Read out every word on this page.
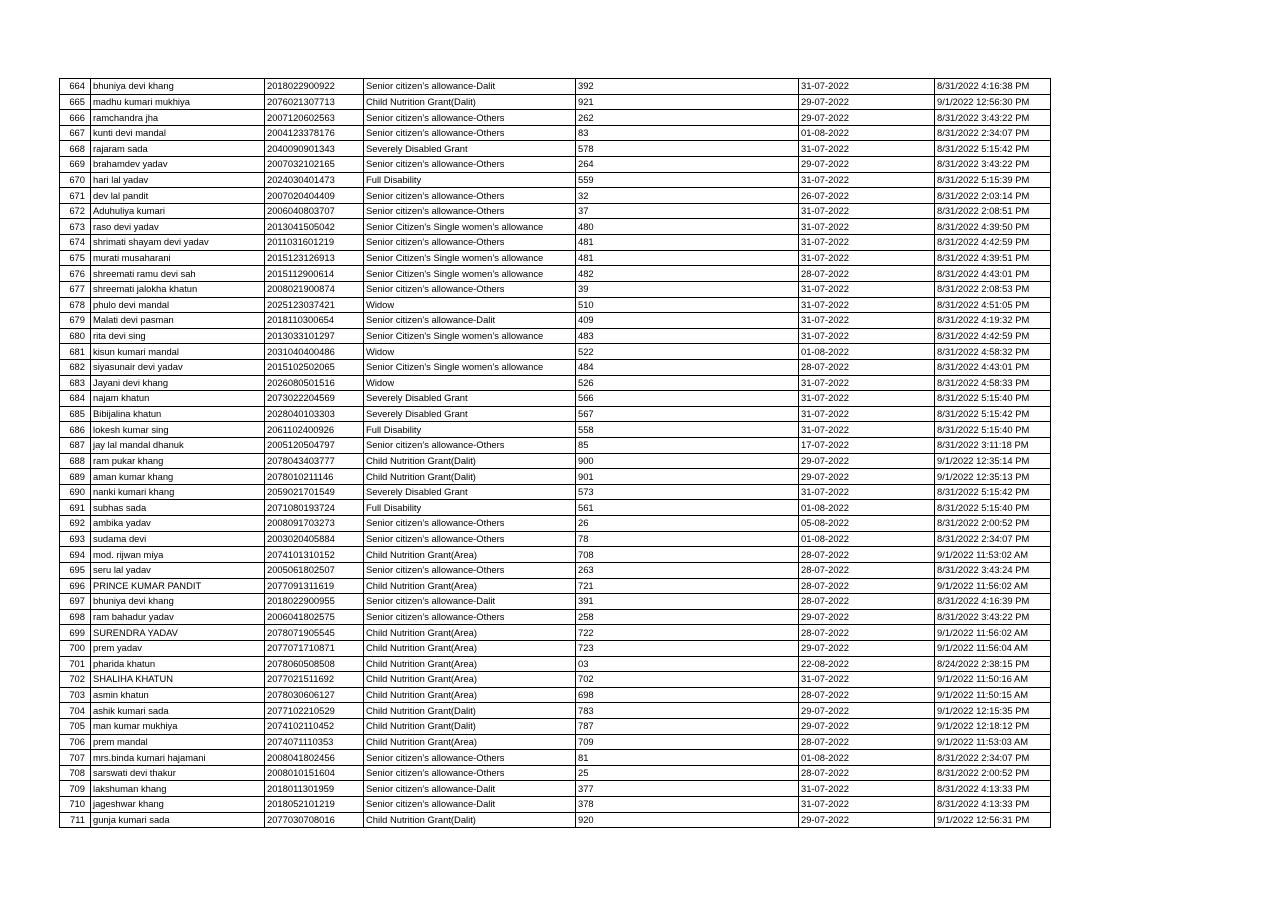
664	bhuniya devi khang	2018022900922	Senior citizen’s allowance-Dalit	392	31-07-2022	8/31/2022 4:16:38 PM
665	madhu kumari mukhiya	2076021307713	Child Nutrition Grant(Dalit)	921	29-07-2022	9/1/2022 12:56:30 PM
666	ramchandra jha	2007120602563	Senior citizen’s allowance-Others	262	29-07-2022	8/31/2022 3:43:22 PM
667	kunti devi mandal	2004123378176	Senior citizen’s allowance-Others	83	01-08-2022	8/31/2022 2:34:07 PM
668	rajaram sada	2040090901343	Severely Disabled Grant	578	31-07-2022	8/31/2022 5:15:42 PM
669	brahamdev yadav	2007032102165	Senior citizen’s allowance-Others	264	29-07-2022	8/31/2022 3:43:22 PM
670	hari lal yadav	2024030401473	Full Disability	559	31-07-2022	8/31/2022 5:15:39 PM
671	dev lal pandit	2007020404409	Senior citizen’s allowance-Others	32	26-07-2022	8/31/2022 2:03:14 PM
672	Aduhuliya kumari	2006040803707	Senior citizen’s allowance-Others	37	31-07-2022	8/31/2022 2:08:51 PM
673	raso devi yadav	2013041505042	Senior Citizen's Single women’s allowance	480	31-07-2022	8/31/2022 4:39:50 PM
674	shrimati shayam devi yadav	2011031601219	Senior citizen’s allowance-Others	481	31-07-2022	8/31/2022 4:42:59 PM
675	murati musaharani	2015123126913	Senior Citizen's Single women’s allowance	481	31-07-2022	8/31/2022 4:39:51 PM
676	shreemati ramu devi sah	2015112900614	Senior Citizen's Single women’s allowance	482	28-07-2022	8/31/2022 4:43:01 PM
677	shreemati jalokha khatun	2008021900874	Senior citizen’s allowance-Others	39	31-07-2022	8/31/2022 2:08:53 PM
678	phulo devi mandal	2025123037421	Widow	510	31-07-2022	8/31/2022 4:51:05 PM
679	Malati devi pasman	2018110300654	Senior citizen’s allowance-Dalit	409	31-07-2022	8/31/2022 4:19:32 PM
680	rita devi sing	2013033101297	Senior Citizen's Single women’s allowance	483	31-07-2022	8/31/2022 4:42:59 PM
681	kisun kumari mandal	2031040400486	Widow	522	01-08-2022	8/31/2022 4:58:32 PM
682	siyasunair devi yadav	2015102502065	Senior Citizen's Single women’s allowance	484	28-07-2022	8/31/2022 4:43:01 PM
683	Jayani devi khang	2026080501516	Widow	526	31-07-2022	8/31/2022 4:58:33 PM
684	najam khatun	2073022204569	Severely Disabled Grant	566	31-07-2022	8/31/2022 5:15:40 PM
685	Bibijalina khatun	2028040103303	Severely Disabled Grant	567	31-07-2022	8/31/2022 5:15:42 PM
686	lokesh kumar sing	2061102400926	Full Disability	558	31-07-2022	8/31/2022 5:15:40 PM
687	jay lal mandal dhanuk	2005120504797	Senior citizen’s allowance-Others	85	17-07-2022	8/31/2022 3:11:18 PM
688	ram pukar khang	2078043403777	Child Nutrition Grant(Dalit)	900	29-07-2022	9/1/2022 12:35:14 PM
689	aman kumar khang	2078010211146	Child Nutrition Grant(Dalit)	901	29-07-2022	9/1/2022 12:35:13 PM
690	nanki kumari khang	2059021701549	Severely Disabled Grant	573	31-07-2022	8/31/2022 5:15:42 PM
691	subhas sada	2071080193724	Full Disability	561	01-08-2022	8/31/2022 5:15:40 PM
692	ambika yadav	2008091703273	Senior citizen’s allowance-Others	26	05-08-2022	8/31/2022 2:00:52 PM
693	sudama devi	2003020405884	Senior citizen’s allowance-Others	78	01-08-2022	8/31/2022 2:34:07 PM
694	mod. rijwan miya	2074101310152	Child Nutrition Grant(Area)	708	28-07-2022	9/1/2022 11:53:02 AM
695	seru lal yadav	2005061802507	Senior citizen’s allowance-Others	263	28-07-2022	8/31/2022 3:43:24 PM
696	PRINCE KUMAR PANDIT	2077091311619	Child Nutrition Grant(Area)	721	28-07-2022	9/1/2022 11:56:02 AM
697	bhuniya devi khang	2018022900955	Senior citizen’s allowance-Dalit	391	28-07-2022	8/31/2022 4:16:39 PM
698	ram bahadur yadav	2006041802575	Senior citizen’s allowance-Others	258	29-07-2022	8/31/2022 3:43:22 PM
699	SURENDRA YADAV	2078071905545	Child Nutrition Grant(Area)	722	28-07-2022	9/1/2022 11:56:02 AM
700	prem yadav	2077071710871	Child Nutrition Grant(Area)	723	29-07-2022	9/1/2022 11:56:04 AM
701	pharida khatun	2078060508508	Child Nutrition Grant(Area)	03	22-08-2022	8/24/2022 2:38:15 PM
702	SHALIHA KHATUN	2077021511692	Child Nutrition Grant(Area)	702	31-07-2022	9/1/2022 11:50:16 AM
703	asmin khatun	2078030606127	Child Nutrition Grant(Area)	698	28-07-2022	9/1/2022 11:50:15 AM
704	ashik kumari sada	2077102210529	Child Nutrition Grant(Dalit)	783	29-07-2022	9/1/2022 12:15:35 PM
705	man kumar mukhiya	2074102110452	Child Nutrition Grant(Dalit)	787	29-07-2022	9/1/2022 12:18:12 PM
706	prem mandal	2074071110353	Child Nutrition Grant(Area)	709	28-07-2022	9/1/2022 11:53:03 AM
707	mrs.binda kumari hajamani	2008041802456	Senior citizen’s allowance-Others	81	01-08-2022	8/31/2022 2:34:07 PM
708	sarswati devi thakur	2008010151604	Senior citizen’s allowance-Others	25	28-07-2022	8/31/2022 2:00:52 PM
709	lakshuman khang	2018011301959	Senior citizen’s allowance-Dalit	377	31-07-2022	8/31/2022 4:13:33 PM
710	jageshwar khang	2018052101219	Senior citizen’s allowance-Dalit	378	31-07-2022	8/31/2022 4:13:33 PM
711	gunja kumari sada	2077030708016	Child Nutrition Grant(Dalit)	920	29-07-2022	9/1/2022 12:56:31 PM
